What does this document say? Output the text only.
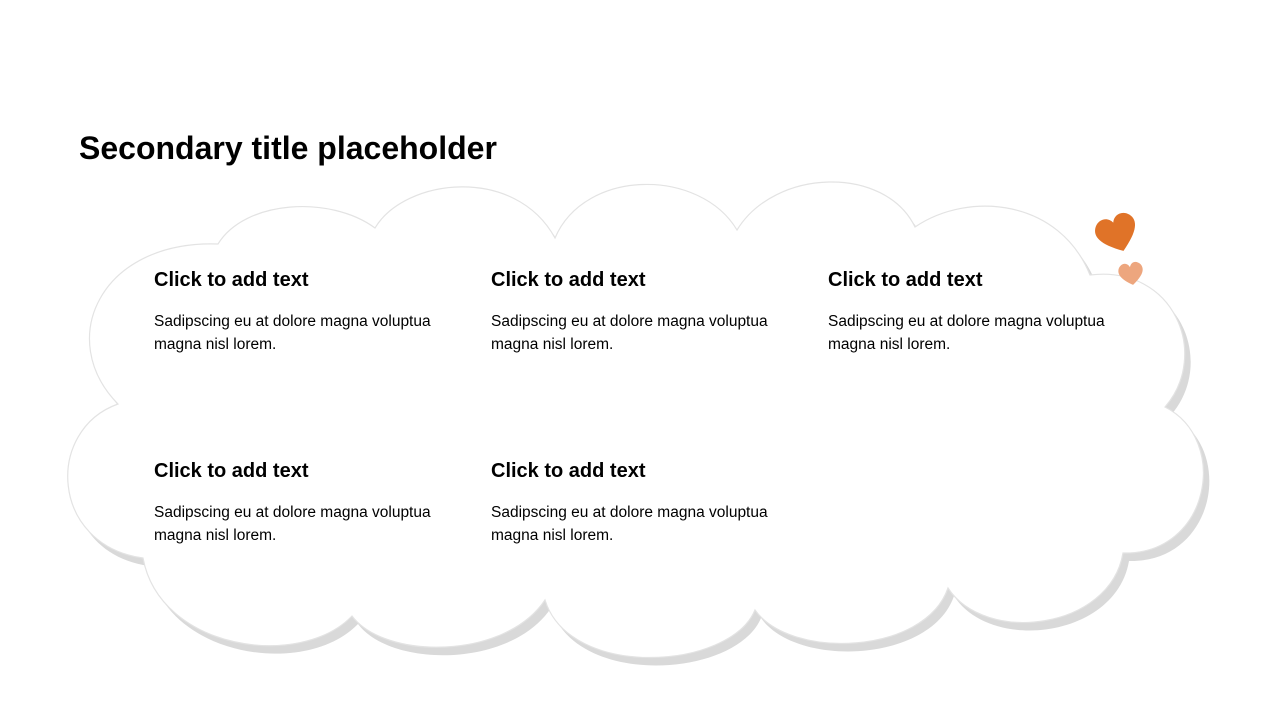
Secondary title placeholder

Click to add text

Sadipscing eu at dolore magna voluptua magna nisl lorem.

Click to add text

Sadipscing eu at dolore magna voluptua magna nisl lorem.

Click to add text

Sadipscing eu at dolore magna voluptua magna nisl lorem.

Click to add text

Sadipscing eu at dolore magna voluptua magna nisl lorem.

Click to add text

Sadipscing eu at dolore magna voluptua magna nisl lorem.
